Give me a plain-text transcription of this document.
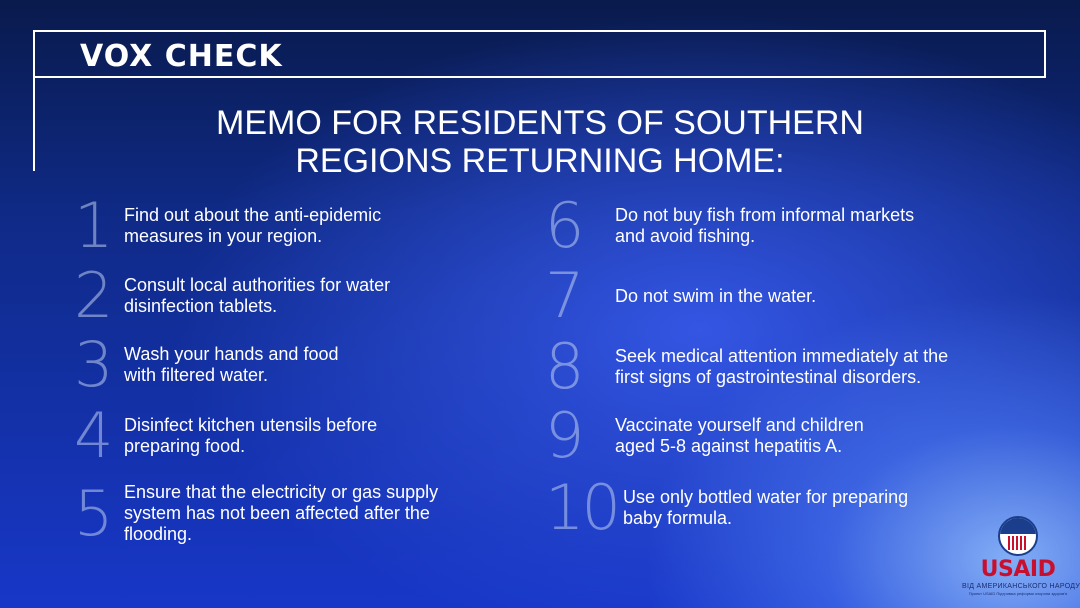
VOX CHECK
MEMO FOR RESIDENTS OF SOUTHERN
REGIONS RETURNING HOME:
1 Find out about the anti-epidemic
measures in your region.
2 Consult local authorities for water
disinfection tablets.
3 Wash your hands and food
with filtered water.
4 Disinfect kitchen utensils before
preparing food.
5 Ensure that the electricity or gas supply
system has not been affected after the
flooding.
6	Do not buy fish from informal markets
and avoid fishing.
7	Do not swim in the water.
8	Seek medical attention immediately at the
first signs of gastrointestinal disorders.
9	Vaccinate yourself and children
aged 5-8 against hepatitis A.
10 Use only bottled water for preparing
baby formula.
USAID
ВІД АМЕРИКАНСЬКОГО НАРОДУ
Проект USAID Підтримка реформи охорони здоров'я
